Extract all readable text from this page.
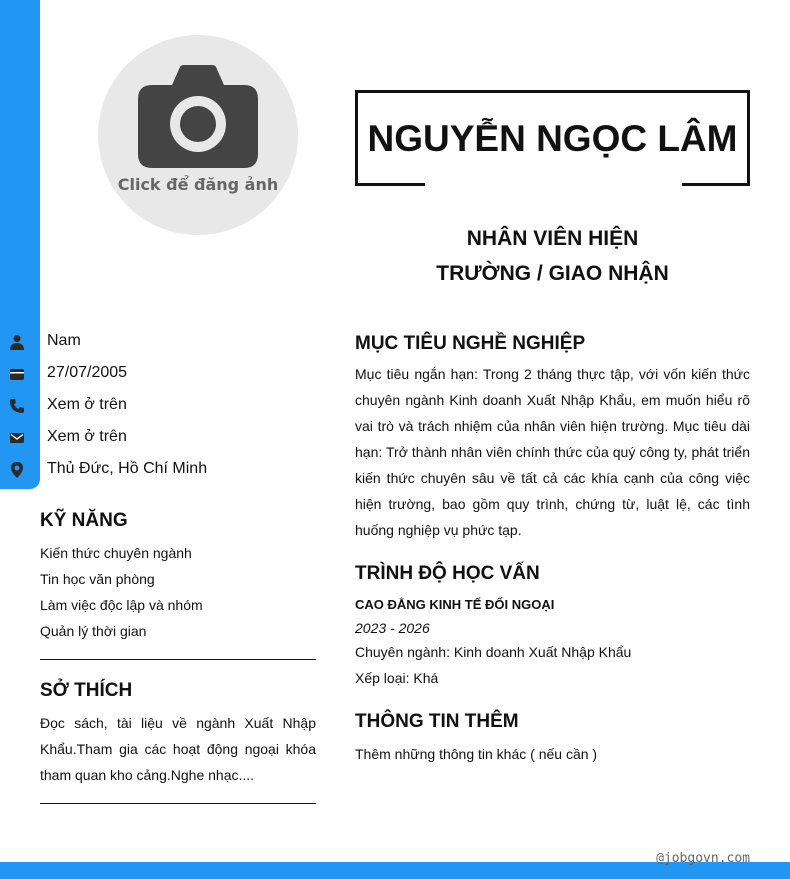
Click để đăng ảnh
NGUYỄN NGỌC LÂM
NHÂN VIÊN HIỆN
TRƯỜNG / GIAO NHẬN
Nam
27/07/2005
Xem ở trên
Xem ở trên
Thủ Đức, Hồ Chí Minh
KỸ NĂNG
Kiến thức chuyên ngành
Tin học văn phòng
Làm việc độc lập và nhóm
Quản lý thời gian
SỞ THÍCH
Đọc sách, tài liệu về ngành Xuất Nhập Khẩu.Tham gia các hoạt động ngoại khóa tham quan kho cảng.Nghe nhạc....
MỤC TIÊU NGHỀ NGHIỆP
Mục tiêu ngắn hạn: Trong 2 tháng thực tập, với vốn kiến thức chuyên ngành Kinh doanh Xuất Nhập Khẩu, em muốn hiểu rõ vai trò và trách nhiệm của nhân viên hiện trường. Mục tiêu dài hạn: Trở thành nhân viên chính thức của quý công ty, phát triển kiến thức chuyên sâu về tất cả các khía cạnh của công việc hiện trường, bao gồm quy trình, chứng từ, luật lệ, các tình huống nghiệp vụ phức tạp.
TRÌNH ĐỘ HỌC VẤN
CAO ĐẲNG KINH TẾ ĐỐI NGOẠI
2023 - 2026
Chuyên ngành: Kinh doanh Xuất Nhập Khẩu
Xếp loại: Khá
THÔNG TIN THÊM
Thêm những thông tin khác ( nếu cần )
@jobgovn.com
